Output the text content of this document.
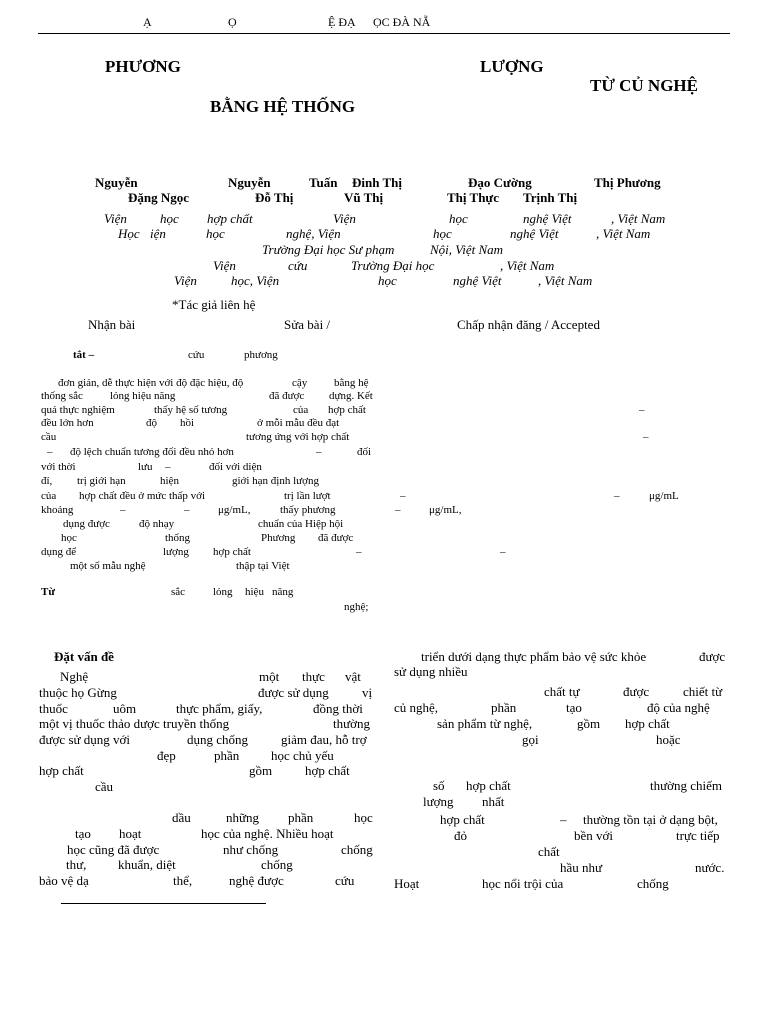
Ạ	Ọ	Ệ ĐẠ ỌC ĐÀ NẴ
PHƯƠNG	LƯỢNG
TỪ CỦ NGHỆ
BẰNG HỆ THỐNG
Nguyễn	Nguyễn	Tuấn Đinh Thị	Đạo Cường	Thị Phương
Đặng Ngọc	Đỗ Thị	Vũ Thị	Thị Thực Trịnh Thị
Viện	học hợp chất	Viện	học	nghệ Việt	, Việt Nam
Học iện	học	nghệ, Viện	học	nghệ Việt	, Việt Nam
Trường Đại học Sư phạm	Nội, Việt Nam
Viện	cứu	Trường Đại học	, Việt Nam
Viện	học, Viện	học	nghệ Việt	, Việt Nam
*Tác giả liên hệ
Nhận bài	Sửa bài /	Chấp nhận đăng / Accepted
tắt –	cứu	phương
đơn giản, dễ thực hiện với độ đặc hiệu, độ	cậy bằng hệ
thống sắc lỏng hiệu năng	đã được dựng. Kết
quả thực nghiệm	thấy hệ số tương	của hợp chất
đều lớn hơn	độ hồi	ở mỗi mẫu đều đạt
cầu	tương ứng với hợp chất
– độ lệch chuẩn tương đối đều nhỏ hơn	–	đối
với thời	lưu –	đối với diện
đỉ, trị giới hạn	hiện	giới hạn định lượng
của hợp chất đều ở mức thấp với	trị lần lượt
khoảng	–	–	μg/mL,	thấy phương
dụng được	độ nhạy	chuẩn của Hiệp hội
học	thống	Phương đã được
dụng để	lượng hợp chất	–
một số mẫu nghệ	thập tại Việt
–
–
–	–	μg/mL
–	μg/mL,
–
Từ	sắc	lỏng hiệu năng
nghệ;
Đặt vấn đề
Nghệ	một thực vật
thuộc họ Gừng	được sử dụng	vị
thuốc	uôm	thực phẩm, giấy,	đồng thời
một vị thuốc thảo dược truyền thống	thường
được sử dụng với	dụng chống	giảm đau, hỗ trợ
đẹp	phần học chủ yếu
hợp chất	gồm	hợp chất
cầu
dầu	những phần	học
tạo hoạt	học của nghệ. Nhiều hoạt
học cũng đã được	như chống	chống
thư, khuẩn, diệt	chống
bảo vệ dạ	thể,	nghệ được	cứu
triển dưới dạng thực phẩm bảo vệ sức khỏe	được
sử dụng nhiều
chất tự	được	chiết từ
củ nghệ,	phần	tạo	độ của nghệ
sản phẩm từ nghệ,	gồm hợp chất
gọi	hoặc
số hợp chất	thường chiếm
lượng nhất
hợp chất	– thường tồn tại ở dạng bột,
đỏ	bền với	trực tiếp
chất
hầu như	nước.
Hoạt	học nổi trội của	chống
